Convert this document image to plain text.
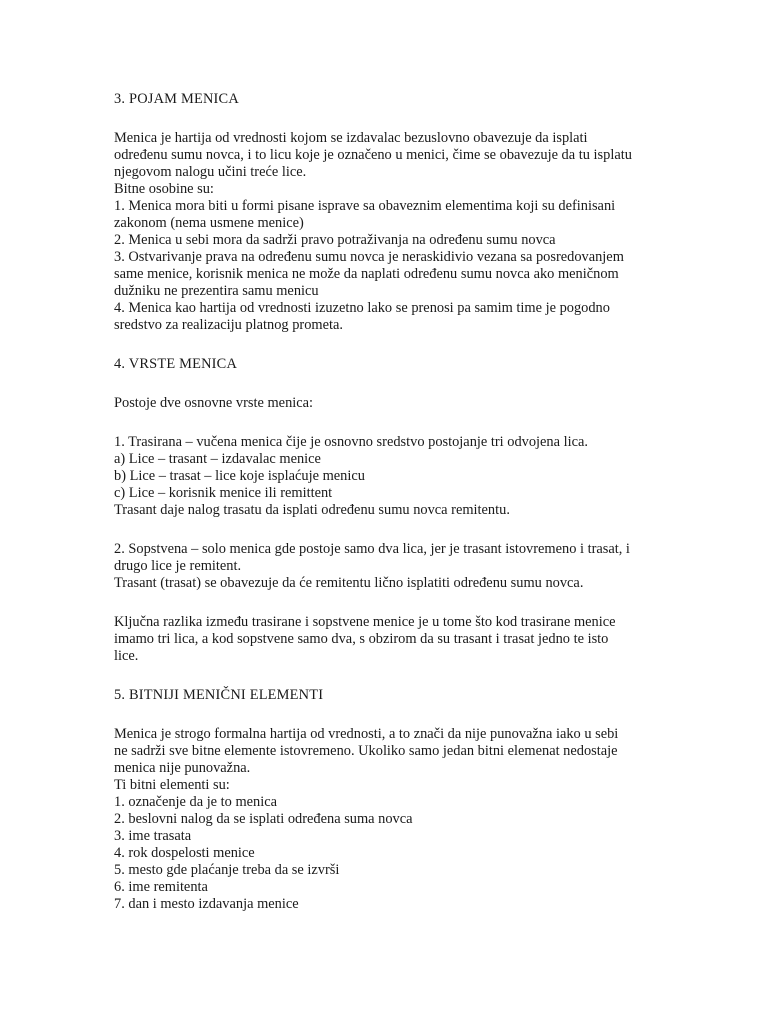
3. POJAM MENICA

Menica je hartija od vrednosti kojom se izdavalac bezuslovno obavezuje da isplati

određenu sumu novca, i to licu koje je označeno u menici, čime se obavezuje da tu isplatu

njegovom nalogu učini treće lice.

Bitne osobine su:

1. Menica mora biti u formi pisane isprave sa obaveznim elementima koji su definisani

zakonom (nema usmene menice)

2. Menica u sebi mora da sadrži pravo potraživanja na određenu sumu novca

3. Ostvarivanje prava na određenu sumu novca je neraskidivio vezana sa posredovanjem

same menice, korisnik menica ne može da naplati određenu sumu novca ako meničnom

dužniku ne prezentira samu menicu

4. Menica kao hartija od vrednosti izuzetno lako se prenosi pa samim time je pogodno

sredstvo za realizaciju platnog prometa.

4. VRSTE MENICA

Postoje dve osnovne vrste menica:

1. Trasirana – vučena menica čije je osnovno sredstvo postojanje tri odvojena lica.

a) Lice – trasant – izdavalac menice

b) Lice – trasat – lice koje isplaćuje menicu

c) Lice – korisnik menice ili remittent

Trasant daje nalog trasatu da isplati određenu sumu novca remitentu.

2. Sopstvena – solo menica gde postoje samo dva lica, jer je trasant istovremeno i trasat, i

drugo lice je remitent.

Trasant (trasat) se obavezuje da će remitentu lično isplatiti određenu sumu novca.

Ključna razlika između trasirane i sopstvene menice je u tome što kod trasirane menice

imamo tri lica, a kod sopstvene samo dva, s obzirom da su trasant i trasat jedno te isto

lice.

5. BITNIJI MENIČNI ELEMENTI

Menica je strogo formalna hartija od vrednosti, a to znači da nije punovažna iako u sebi

ne sadrži sve bitne elemente istovremeno. Ukoliko samo jedan bitni elemenat nedostaje

menica nije punovažna.

Ti bitni elementi su:

1. označenje da je to menica

2. beslovni nalog da se isplati određena suma novca

3. ime trasata

4. rok dospelosti menice

5. mesto gde plaćanje treba da se izvrši

6. ime remitenta

7. dan i mesto izdavanja menice
